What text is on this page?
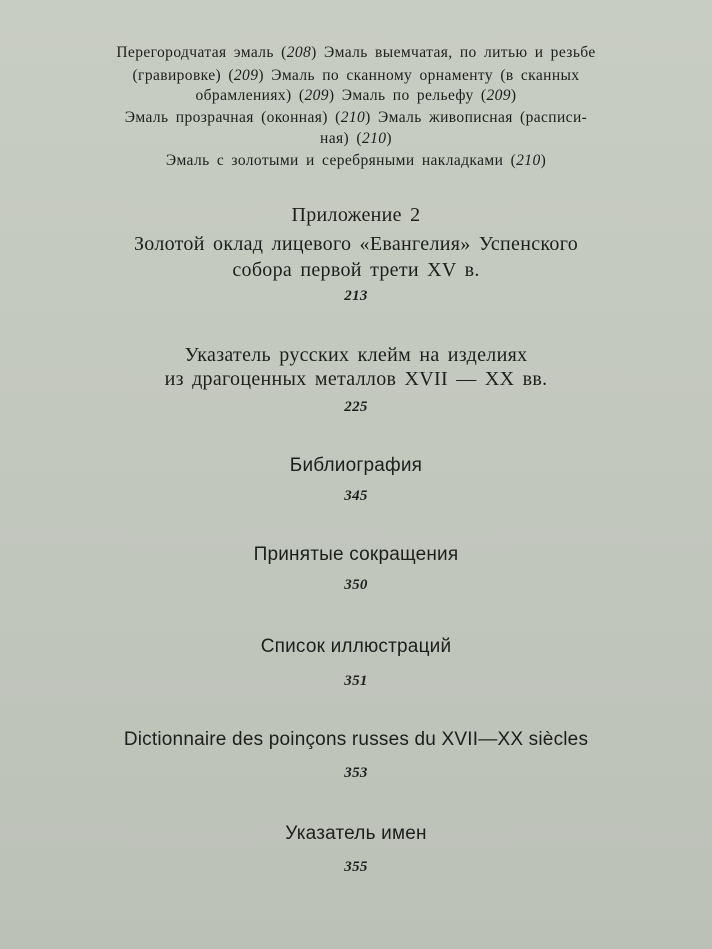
Перегородчатая эмаль (208) Эмаль выемчатая, по литью и резьбе
(гравировке) (209) Эмаль по сканному орнаменту (в сканных
обрамлениях) (209) Эмаль по рельефу (209)
Эмаль прозрачная (оконная) (210) Эмаль живописная (расписи-
ная) (210)
Эмаль с золотыми и серебряными накладками (210)
Приложение 2
Золотой оклад лицевого «Евангелия» Успенского
собора первой трети XV в.
213
Указатель русских клейм на изделиях
из драгоценных металлов XVII — XX вв.
225
Библиография
345
Принятые сокращения
350
Список иллюстраций
351
Dictionnaire des poinçons russes du XVII—XX siècles
353
Указатель имен
355
